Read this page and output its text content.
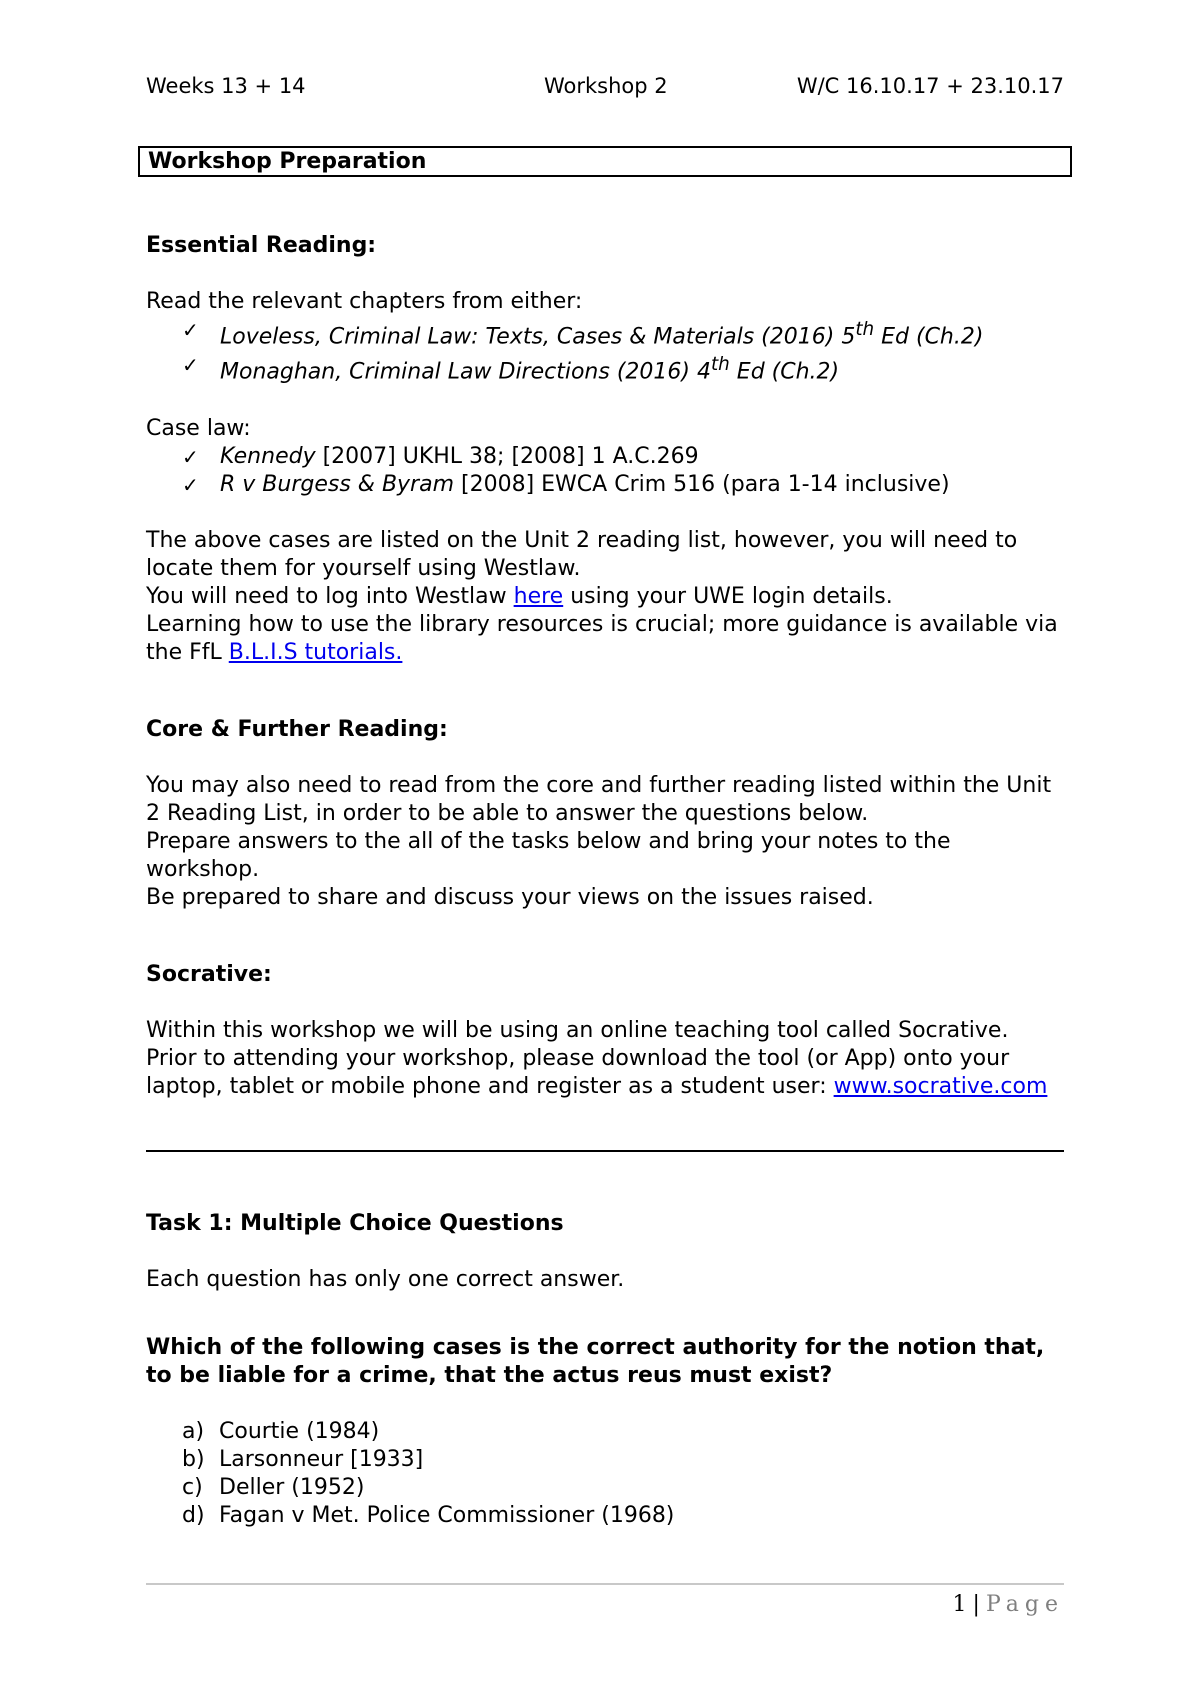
Weeks 13 + 14	Workshop 2	W/C 16.10.17 + 23.10.17
Workshop Preparation

Essential Reading:

Read the relevant chapters from either:

✓ Loveless, Criminal Law: Texts, Cases & Materials (2016) 5th Ed (Ch.2)
✓ Monaghan, Criminal Law Directions (2016) 4th Ed (Ch.2)

Case law:

✓ Kennedy [2007] UKHL 38; [2008] 1 A.C.269
✓ R v Burgess & Byram [2008] EWCA Crim 516 (para 1-14 inclusive)

The above cases are listed on the Unit 2 reading list, however, you will need to locate them for yourself using Westlaw.

You will need to log into Westlaw here using your UWE login details.

Learning how to use the library resources is crucial; more guidance is available via the FfL B.L.I.S tutorials.

Core & Further Reading:

You may also need to read from the core and further reading listed within the Unit 2 Reading List, in order to be able to answer the questions below.

Prepare answers to the all of the tasks below and bring your notes to the workshop.

Be prepared to share and discuss your views on the issues raised.

Socrative:

Within this workshop we will be using an online teaching tool called Socrative. Prior to attending your workshop, please download the tool (or App) onto your laptop, tablet or mobile phone and register as a student user: www.socrative.com

Task 1: Multiple Choice Questions

Each question has only one correct answer.

Which of the following cases is the correct authority for the notion that, to be liable for a crime, that the actus reus must exist?

a) Courtie (1984)
b) Larsonneur [1933]
c) Deller (1952)
d) Fagan v Met. Police Commissioner (1968)
1 | Page
